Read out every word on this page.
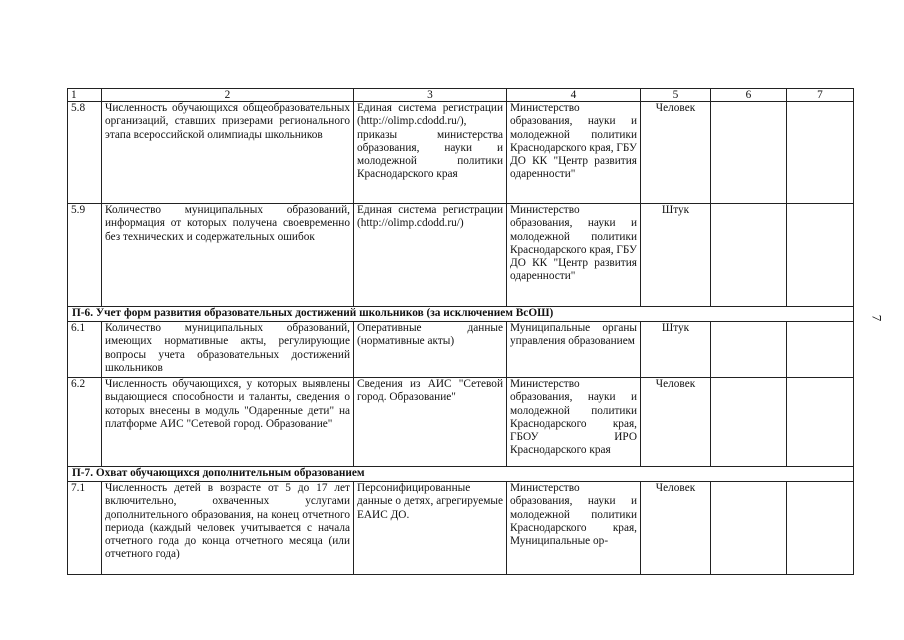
1	2	3	4	5	6	7
5.8	Численность обучающихся общеобразовательных организаций, ставших призерами регионального этапа всероссийской олимпиады школьников	Единая система регистрации (http://olimp.cdodd.ru/), приказы министерства образования, науки и молодежной политики Краснодарского края	Министерство образования, науки и молодежной политики Краснодарского края, ГБУ ДО КК "Центр развития одаренности"	Человек		
5.9	Количество муниципальных образований, информация от которых получена своевременно без технических и содержательных ошибок	Единая система регистрации (http://olimp.cdodd.ru/)	Министерство образования, науки и молодежной политики Краснодарского края, ГБУ ДО КК "Центр развития одаренности"	Штук		
П-6. Учет форм развития образовательных достижений школьников (за исключением ВсОШ)						
6.1	Количество муниципальных образований, имеющих нормативные акты, регулирующие вопросы учета образовательных достижений школьников	Оперативные данные (нормативные акты)	Муниципальные органы управления образованием	Штук		
6.2	Численность обучающихся, у которых выявлены выдающиеся способности и таланты, сведения о которых внесены в модуль "Одаренные дети" на платформе АИС "Сетевой город. Образование"	Сведения из АИС "Сетевой город. Образование"	Министерство образования, науки и молодежной политики Краснодарского края, ГБОУ ИРО Краснодарского края	Человек		
П-7. Охват обучающихся дополнительным образованием						
7.1	Численность детей в возрасте от 5 до 17 лет включительно, охваченных услугами дополнительного образования, на конец отчетного периода (каждый человек учитывается с начала отчетного года до конца отчетного месяца (или отчетного года)	Персонифицированные данные о детях, агрегируемые ЕАИС ДО.	Министерство образования, науки и молодежной политики Краснодарского края, Муниципальные ор-	Человек		
7
